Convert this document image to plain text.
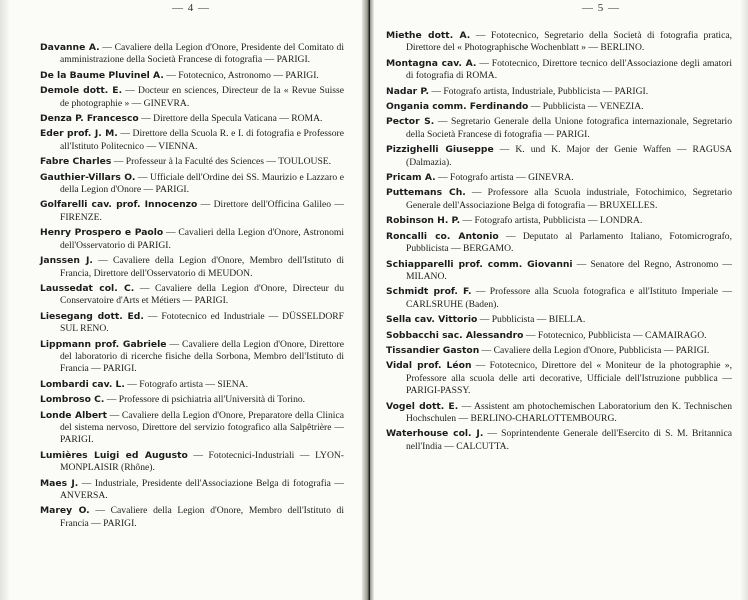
— 4 —
Davanne A. — Cavaliere della Legion d'Onore, Presidente del Comitato di amministrazione della Società Francese di fotografia — PARIGI.
De la Baume Pluvinel A. — Fototecnico, Astronomo — PARIGI.
Demole dott. E. — Docteur en sciences, Directeur de la « Revue Suisse de photographie » — GINEVRA.
Denza P. Francesco — Direttore della Specula Vaticana — ROMA.
Eder prof. J. M. — Direttore della Scuola R. e I. di fotografia e Professore all'Istituto Politecnico — VIENNA.
Fabre Charles — Professeur à la Faculté des Sciences — TOULOUSE.
Gauthier-Villars O. — Ufficiale dell'Ordine dei SS. Maurizio e Lazzaro e della Legion d'Onore — PARIGI.
Golfarelli cav. prof. Innocenzo — Direttore dell'Officina Galileo — FIRENZE.
Henry Prospero e Paolo — Cavalieri della Legion d'Onore, Astronomi dell'Osservatorio di PARIGI.
Janssen J. — Cavaliere della Legion d'Onore, Membro dell'Istituto di Francia, Direttore dell'Osservatorio di MEUDON.
Laussedat col. C. — Cavaliere della Legion d'Onore, Directeur du Conservatoire d'Arts et Métiers — PARIGI.
Liesegang dott. Ed. — Fototecnico ed Industriale — DÜSSELDORF SUL RENO.
Lippmann prof. Gabriele — Cavaliere della Legion d'Onore, Direttore del laboratorio di ricerche fisiche della Sorbona, Membro dell'Istituto di Francia — PARIGI.
Lombardi cav. L. — Fotografo artista — SIENA.
Lombroso C. — Professore di psichiatria all'Università di Torino.
Londe Albert — Cavaliere della Legion d'Onore, Preparatore della Clinica del sistema nervoso, Direttore del servizio fotografico alla Salpêtrière — PARIGI.
Lumières Luigi ed Augusto — Fototecnici-Industriali — LYON-MONPLAISIR (Rhône).
Maes J. — Industriale, Presidente dell'Associazione Belga di fotografia — ANVERSA.
Marey O. — Cavaliere della Legion d'Onore, Membro dell'Istituto di Francia — PARIGI.
— 5 —
Miethe dott. A. — Fototecnico, Segretario della Società di fotografia pratica, Direttore del « Photographische Wochenblatt » — BERLINO.
Montagna cav. A. — Fototecnico, Direttore tecnico dell'Associazione degli amatori di fotografia di ROMA.
Nadar P. — Fotografo artista, Industriale, Pubblicista — PARIGI.
Ongania comm. Ferdinando — Pubblicista — VENEZIA.
Pector S. — Segretario Generale della Unione fotografica internazionale, Segretario della Società Francese di fotografia — PARIGI.
Pizzighelli Giuseppe — K. und K. Major der Genie Waffen — RAGUSA (Dalmazia).
Pricam A. — Fotografo artista — GINEVRA.
Puttemans Ch. — Professore alla Scuola industriale, Fotochimico, Segretario Generale dell'Associazione Belga di fotografia — BRUXELLES.
Robinson H. P. — Fotografo artista, Pubblicista — LONDRA.
Roncalli co. Antonio — Deputato al Parlamento Italiano, Fotomicrografo, Pubblicista — BERGAMO.
Schiapparelli prof. comm. Giovanni — Senatore del Regno, Astronomo — MILANO.
Schmidt prof. F. — Professore alla Scuola fotografica e all'Istituto Imperiale — CARLSRUHE (Baden).
Sella cav. Vittorio — Pubblicista — BIELLA.
Sobbacchi sac. Alessandro — Fototecnico, Pubblicista — CAMAIRAGO.
Tissandier Gaston — Cavaliere della Legion d'Onore, Pubblicista — PARIGI.
Vidal prof. Léon — Fototecnico, Direttore del « Moniteur de la photographie », Professore alla scuola delle arti decorative, Ufficiale dell'Istruzione pubblica — PARIGI-PASSY.
Vogel dott. E. — Assistent am photochemischen Laboratorium den K. Technischen Hochschulen — BERLINO-CHARLOTTEMBOURG.
Waterhouse col. J. — Soprintendente Generale dell'Esercito di S. M. Britannica nell'India — CALCUTTA.
